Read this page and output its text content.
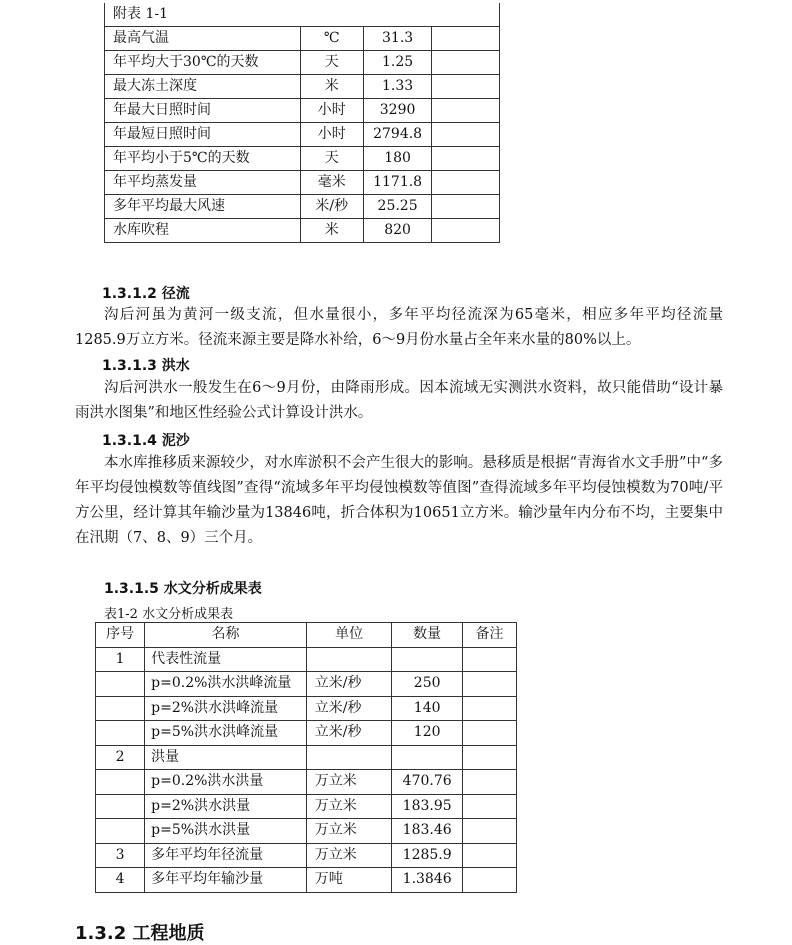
附表 1-1			
最高气温	℃	31.3	
年平均大于30℃的天数	天	1.25	
最大冻土深度	米	1.33	
年最大日照时间	小时	3290	
年最短日照时间	小时	2794.8	
年平均小于5℃的天数	天	180	
年平均蒸发量	毫米	1171.8	
多年平均最大风速	米/秒	25.25	
水库吹程	米	820	
1.3.1.2 径流
沟后河虽为黄河一级支流，但水量很小，多年平均径流深为65毫米，相应多年平均径流量1285.9万立方米。径流来源主要是降水补给，6～9月份水量占全年来水量的80%以上。
1.3.1.3 洪水
沟后河洪水一般发生在6～9月份，由降雨形成。因本流域无实测洪水资料，故只能借助“设计暴雨洪水图集”和地区性经验公式计算设计洪水。
1.3.1.4 泥沙
本水库推移质来源较少，对水库淤积不会产生很大的影响。悬移质是根据“青海省水文手册”中“多年平均侵蚀模数等值线图”查得“流域多年平均侵蚀模数等值图”查得流域多年平均侵蚀模数为70吨/平方公里，经计算其年输沙量为13846吨，折合体积为10651立方米。输沙量年内分布不均，主要集中在汛期（7、8、9）三个月。
1.3.1.5 水文分析成果表
表1-2 水文分析成果表
序号	名称	单位	数量	备注
1	代表性流量			
	p=0.2%洪水洪峰流量	立米/秒	250	
	p=2%洪水洪峰流量	立米/秒	140	
	p=5%洪水洪峰流量	立米/秒	120	
2	洪量			
	p=0.2%洪水洪量	万立米	470.76	
	p=2%洪水洪量	万立米	183.95	
	p=5%洪水洪量	万立米	183.46	
3	多年平均年径流量	万立米	1285.9	
4	多年平均年输沙量	万吨	1.3846	
1.3.2 工程地质
